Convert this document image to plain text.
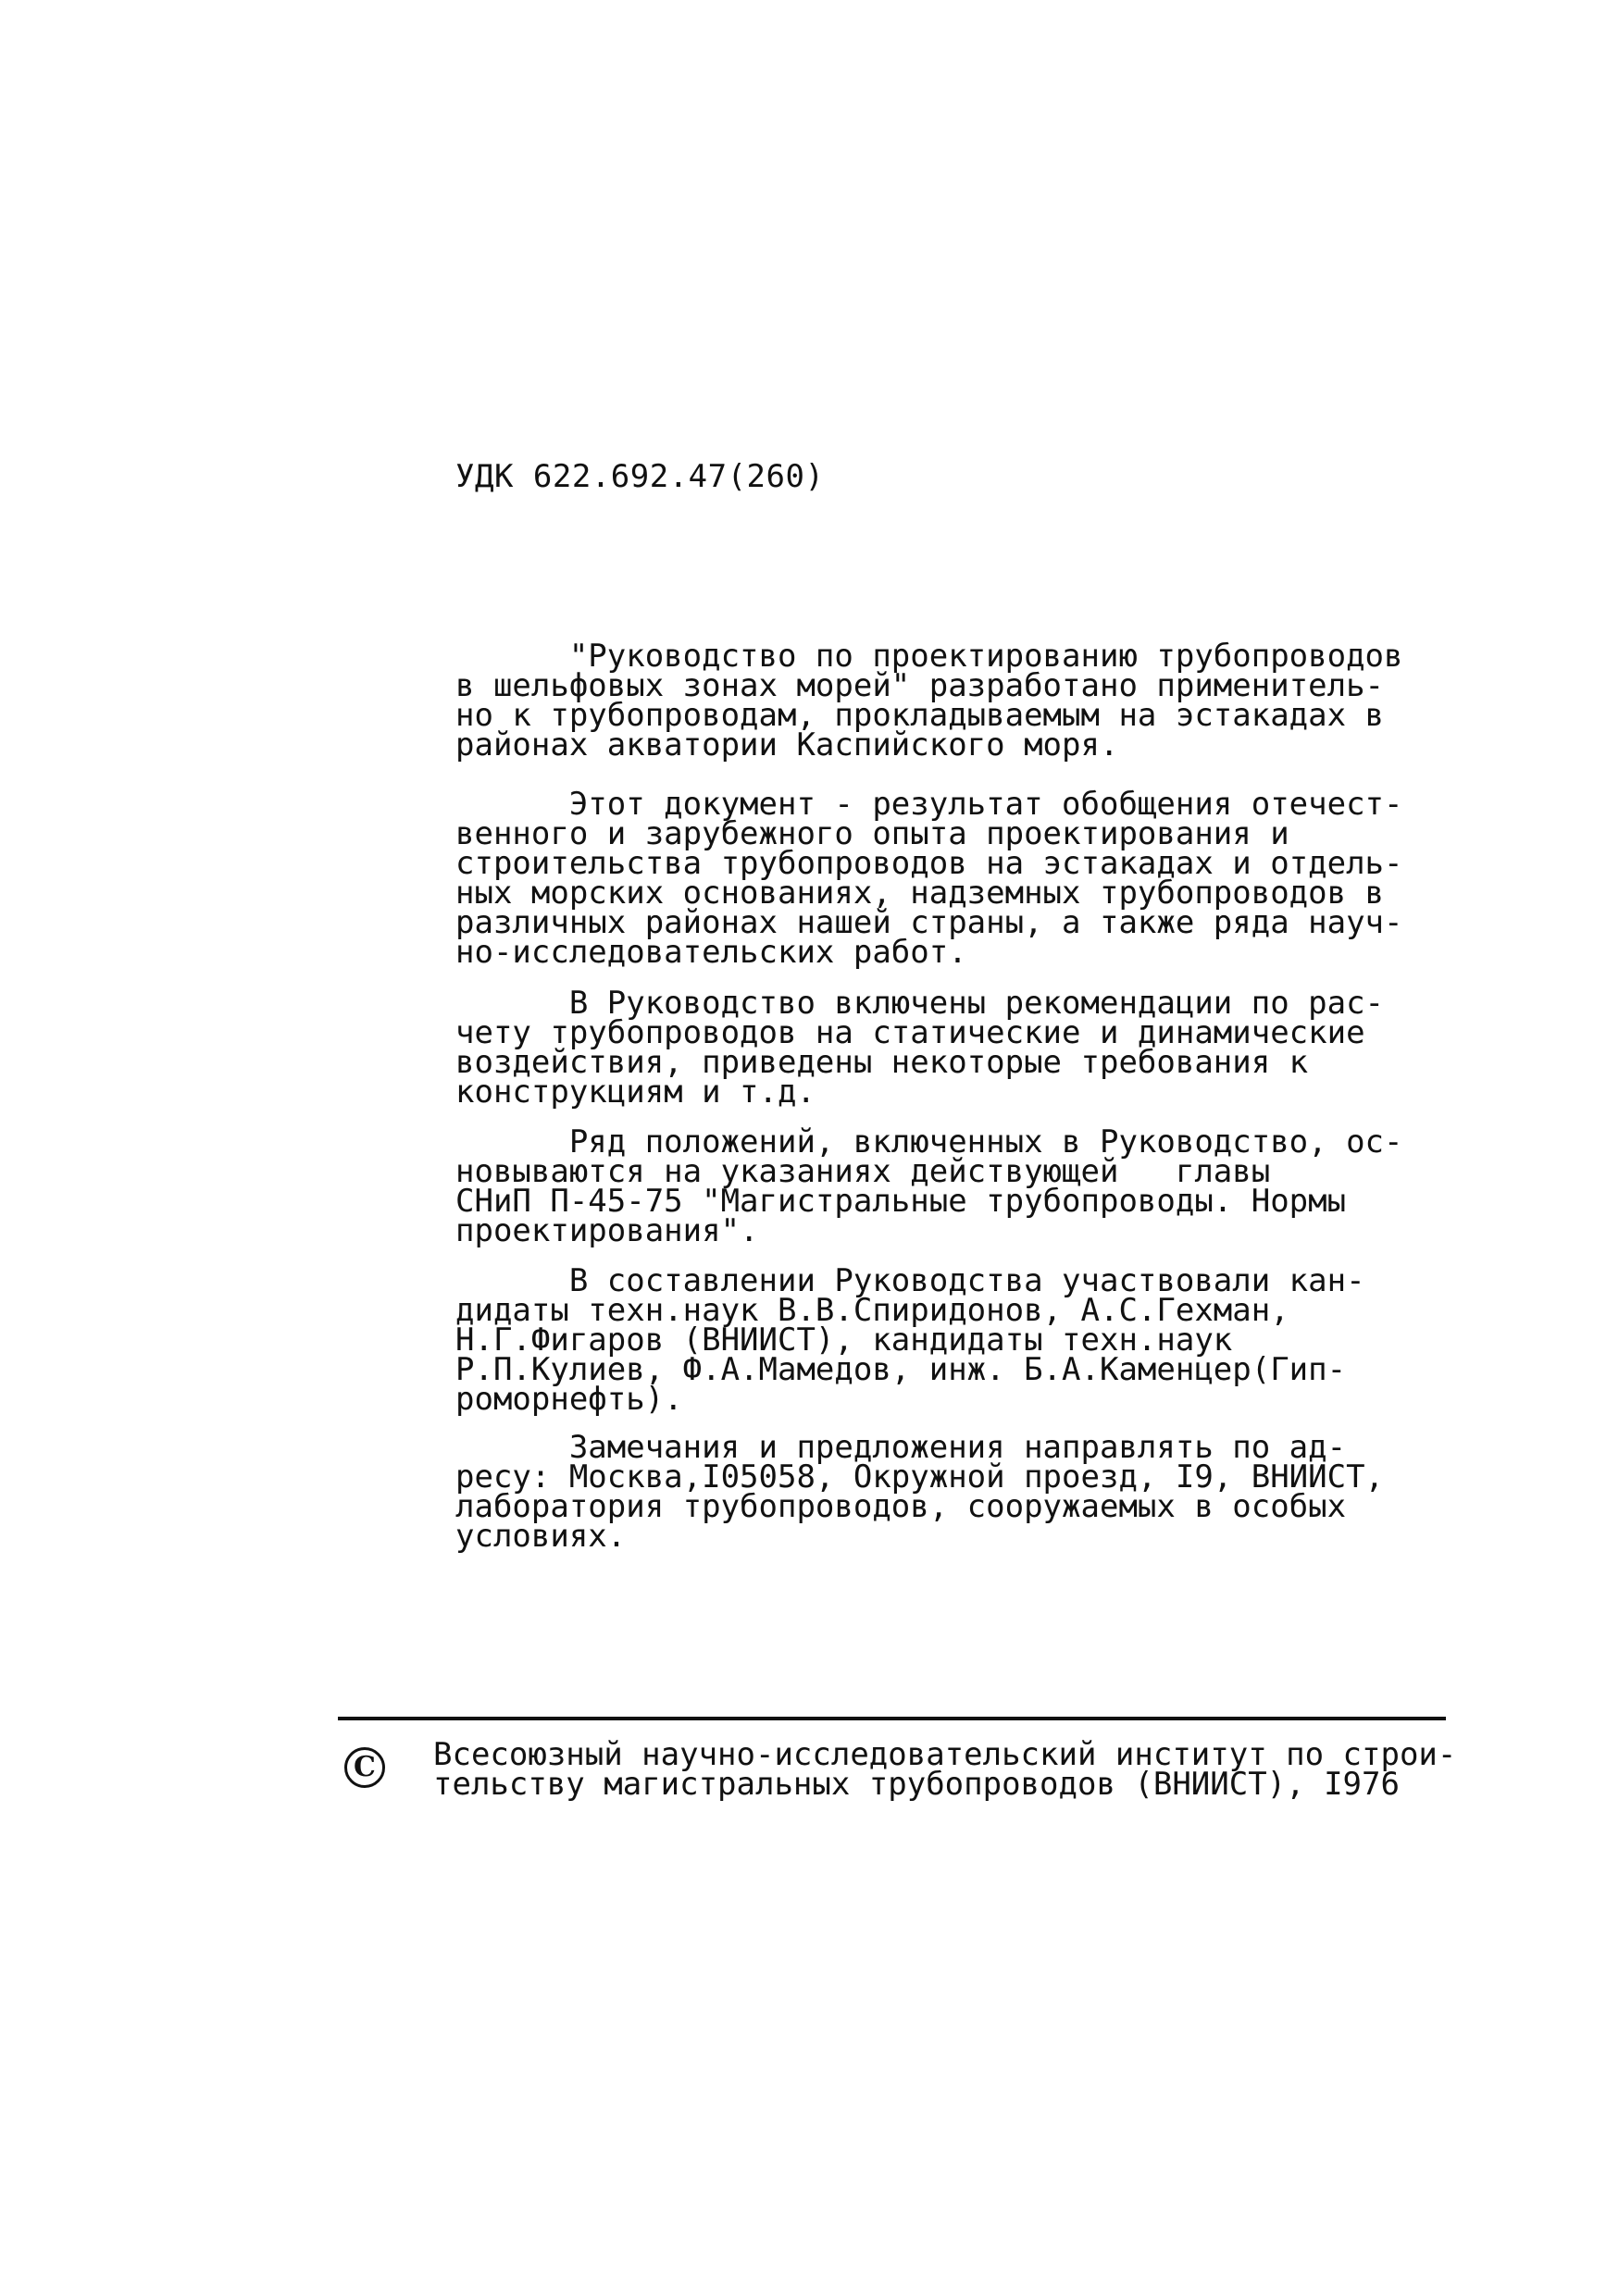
УДК 622.692.47(260)
"Руководство по проектированию трубопроводов
в шельфовых зонах морей" разработано применитель-
но к трубопроводам, прокладываемым на эстакадах в
районах акватории Каспийского моря.
Этот документ - результат обобщения отечест-
венного и зарубежного опыта проектирования и
строительства трубопроводов на эстакадах и отдель-
ных морских основаниях, надземных трубопроводов в
различных районах нашей страны, а также ряда науч-
но-исследовательских работ.
В Руководство включены рекомендации по рас-
чету трубопроводов на статические и динамические
воздействия, приведены некоторые требования к
конструкциям и т.д.
Ряд положений, включенных в Руководство, ос-
новываются на указаниях действующей   главы
СНиП П-45-75 "Магистральные трубопроводы. Нормы
проектирования".
В составлении Руководства участвовали кан-
дидаты техн.наук В.В.Спиридонов, А.С.Гехман,
Н.Г.Фигаров (ВНИИСТ), кандидаты техн.наук
Р.П.Кулиев, Ф.А.Мамедов, инж. Б.А.Каменцер(Гип-
роморнефть).
Замечания и предложения направлять по ад-
ресу: Москва,I05058, Окружной проезд, I9, ВНИИСТ,
лаборатория трубопроводов, сооружаемых в особых
условиях.
C Всесоюзный научно-исследовательский институт по строи-
тельству магистральных трубопроводов (ВНИИСТ), I976
